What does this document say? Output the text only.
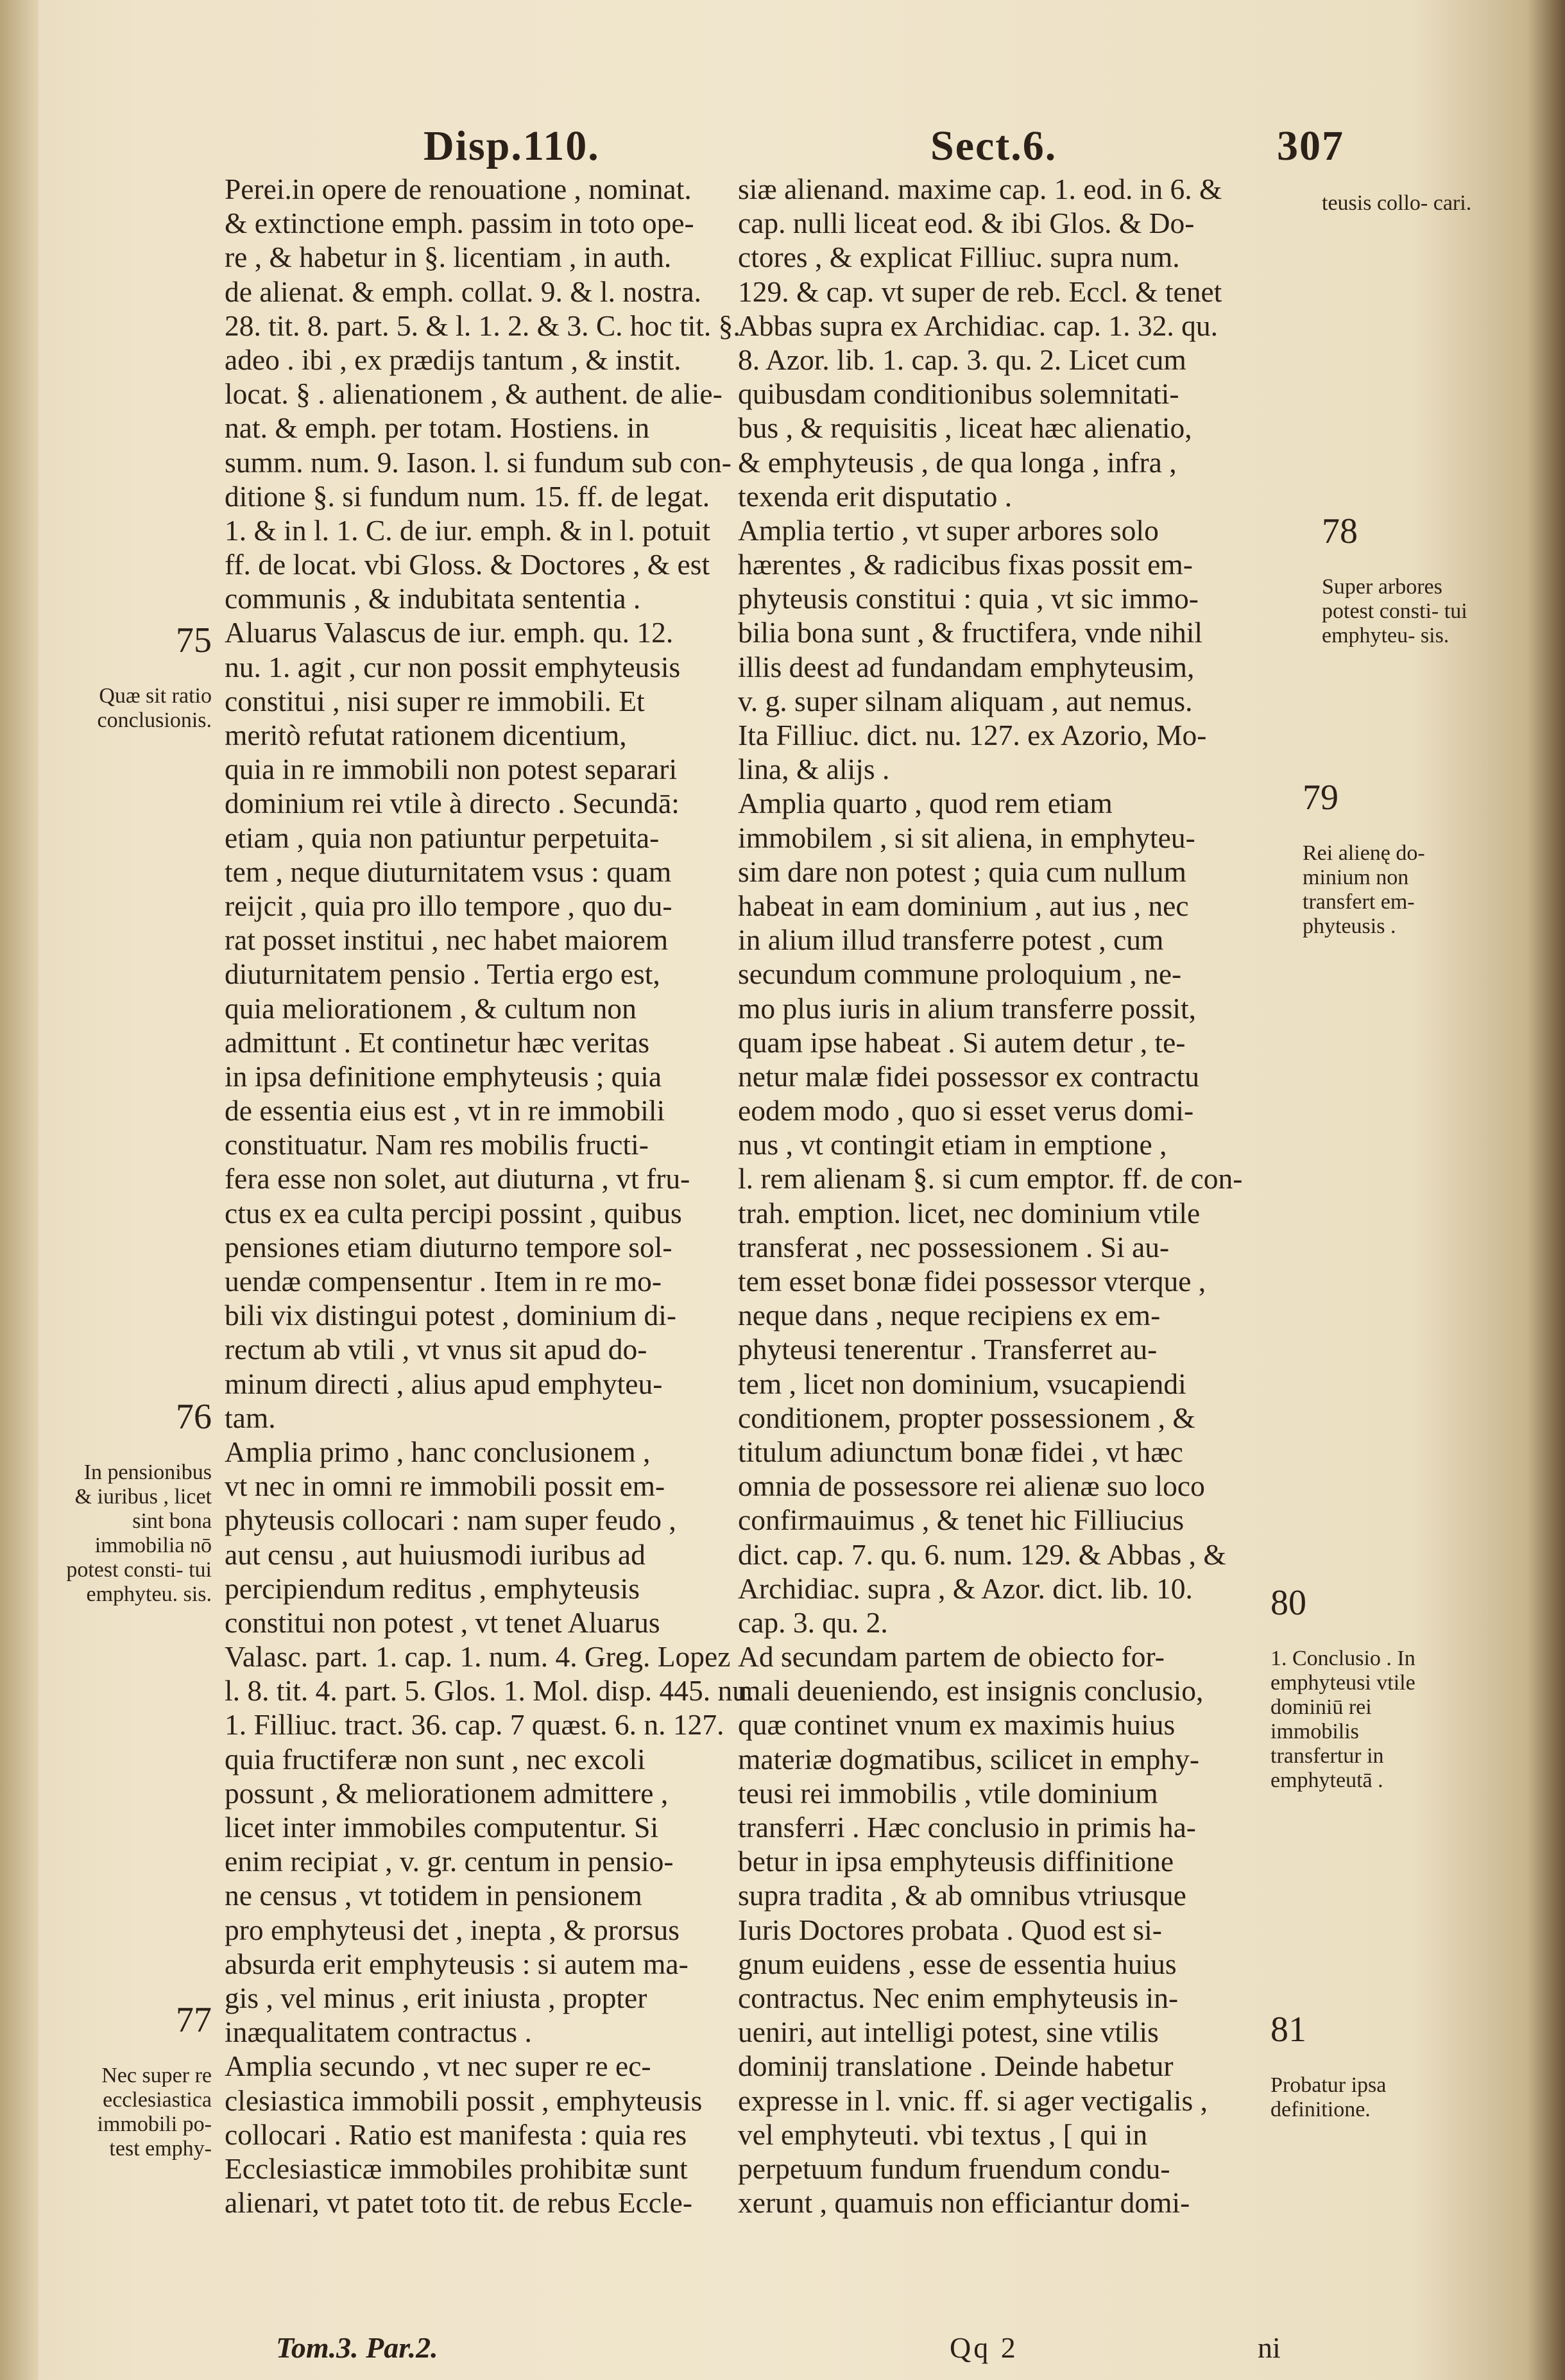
Disp.110.	Sect.6.	307
Perei.in opere de renouatione , nominat.
& extinctione emph. passim in toto ope-
re , & habetur in §. licentiam , in auth.
de alienat. & emph. collat. 9. & l. nostra.
28. tit. 8. part. 5. & l. 1. 2. & 3. C. hoc tit. §.
adeo . ibi , ex prædijs tantum , & instit.
locat. § . alienationem , & authent. de alie-
nat. & emph. per totam. Hostiens. in
summ. num. 9. Iason. l. si fundum sub con-
ditione §. si fundum num. 15. ff. de legat.
1. & in l. 1. C. de iur. emph. & in l. potuit
ff. de locat. vbi Gloss. & Doctores , & est
communis , & indubitata sententia .
Aluarus Valascus de iur. emph. qu. 12.
nu. 1. agit , cur non possit emphyteusis
constitui , nisi super re immobili. Et
meritò refutat rationem dicentium,
quia in re immobili non potest separari
dominium rei vtile à directo . Secundā:
etiam , quia non patiuntur perpetuita-
tem , neque diuturnitatem vsus : quam
reijcit , quia pro illo tempore , quo du-
rat posset institui , nec habet maiorem
diuturnitatem pensio . Tertia ergo est,
quia meliorationem , & cultum non
admittunt . Et continetur hæc veritas
in ipsa definitione emphyteusis ; quia
de essentia eius est , vt in re immobili
constituatur. Nam res mobilis fructi-
fera esse non solet, aut diuturna , vt fru-
ctus ex ea culta percipi possint , quibus
pensiones etiam diuturno tempore sol-
uendæ compensentur . Item in re mo-
bili vix distingui potest , dominium di-
rectum ab vtili , vt vnus sit apud do-
minum directi , alius apud emphyteu-
tam.
Amplia primo , hanc conclusionem ,
vt nec in omni re immobili possit em-
phyteusis collocari : nam super feudo ,
aut censu , aut huiusmodi iuribus ad
percipiendum reditus , emphyteusis
constitui non potest , vt tenet Aluarus
Valasc. part. 1. cap. 1. num. 4. Greg. Lopez
l. 8. tit. 4. part. 5. Glos. 1. Mol. disp. 445. nu.
1. Filliuc. tract. 36. cap. 7 quæst. 6. n. 127.
quia fructiferæ non sunt , nec excoli
possunt , & meliorationem admittere ,
licet inter immobiles computentur. Si
enim recipiat , v. gr. centum in pensio-
ne census , vt totidem in pensionem
pro emphyteusi det , inepta , & prorsus
absurda erit emphyteusis : si autem ma-
gis , vel minus , erit iniusta , propter
inæqualitatem contractus .
Amplia secundo , vt nec super re ec-
clesiastica immobili possit , emphyteusis
collocari . Ratio est manifesta : quia res
Ecclesiasticæ immobiles prohibitæ sunt
alienari, vt patet toto tit. de rebus Eccle-
siæ alienand. maxime cap. 1. eod. in 6. &
cap. nulli liceat eod. & ibi Glos. & Do-
ctores , & explicat Filliuc. supra num.
129. & cap. vt super de reb. Eccl. & tenet
Abbas supra ex Archidiac. cap. 1. 32. qu.
8. Azor. lib. 1. cap. 3. qu. 2. Licet cum
quibusdam conditionibus solemnitati-
bus , & requisitis , liceat hæc alienatio,
& emphyteusis , de qua longa , infra ,
texenda erit disputatio .
Amplia tertio , vt super arbores solo
hærentes , & radicibus fixas possit em-
phyteusis constitui : quia , vt sic immo-
bilia bona sunt , & fructifera, vnde nihil
illis deest ad fundandam emphyteusim,
v. g. super silnam aliquam , aut nemus.
Ita Filliuc. dict. nu. 127. ex Azorio, Mo-
lina, & alijs .
Amplia quarto , quod rem etiam
immobilem , si sit aliena, in emphyteu-
sim dare non potest ; quia cum nullum
habeat in eam dominium , aut ius , nec
in alium illud transferre potest , cum
secundum commune proloquium , ne-
mo plus iuris in alium transferre possit,
quam ipse habeat . Si autem detur , te-
netur malæ fidei possessor ex contractu
eodem modo , quo si esset verus domi-
nus , vt contingit etiam in emptione ,
l. rem alienam §. si cum emptor. ff. de con-
trah. emption. licet, nec dominium vtile
transferat , nec possessionem . Si au-
tem esset bonæ fidei possessor vterque ,
neque dans , neque recipiens ex em-
phyteusi tenerentur . Transferret au-
tem , licet non dominium, vsucapiendi
conditionem, propter possessionem , &
titulum adiunctum bonæ fidei , vt hæc
omnia de possessore rei alienæ suo loco
confirmauimus , & tenet hic Filliucius
dict. cap. 7. qu. 6. num. 129. & Abbas , &
Archidiac. supra , & Azor. dict. lib. 10.
cap. 3. qu. 2.
Ad secundam partem de obiecto for-
mali deueniendo, est insignis conclusio,
quæ continet vnum ex maximis huius
materiæ dogmatibus, scilicet in emphy-
teusi rei immobilis , vtile dominium
transferri . Hæc conclusio in primis ha-
betur in ipsa emphyteusis diffinitione
supra tradita , & ab omnibus vtriusque
Iuris Doctores probata . Quod est si-
gnum euidens , esse de essentia huius
contractus. Nec enim emphyteusis in-
ueniri, aut intelligi potest, sine vtilis
dominij translatione . Deinde habetur
expresse in l. vnic. ff. si ager vectigalis ,
vel emphyteuti. vbi textus , [ qui in
perpetuum fundum fruendum condu-
xerunt , quamuis non efficiantur domi-

75

Quæ sit ratio conclusionis.

76

In pensionibus & iuribus , licet sint bona immobilia nō potest consti- tui emphyteu. sis.

77

Nec super re ecclesiastica immobili po- test emphy-

teusis collo- cari.

78

Super arbores potest consti- tui emphyteu- sis.

79

Rei alienę do- minium non transfert em- phyteusis .

80

1. Conclusio . In emphyteusi vtile dominiū rei immobilis transfertur in emphyteutā .

81

Probatur ipsa definitione.

Tom.3. Par.2.	Qq 2	ni
